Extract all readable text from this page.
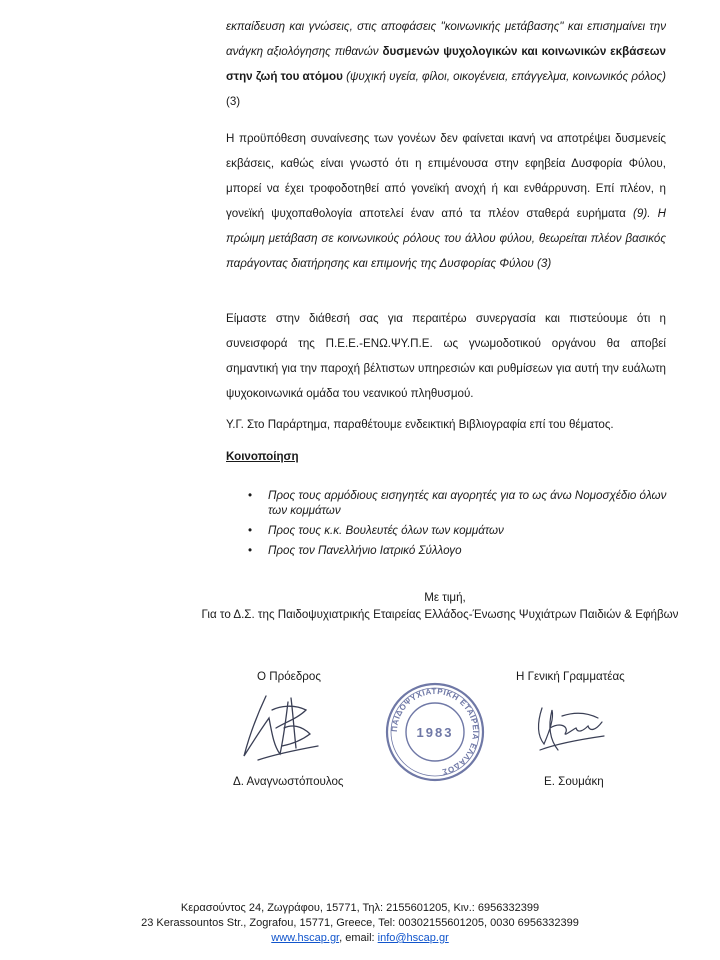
εκπαίδευση και γνώσεις, στις αποφάσεις "κοινωνικής μετάβασης" και επισημαίνει την ανάγκη αξιολόγησης πιθανών δυσμενών ψυχολογικών και κοινωνικών εκβάσεων στην ζωή του ατόμου (ψυχική υγεία, φίλοι, οικογένεια, επάγγελμα, κοινωνικός ρόλος) (3)

Η προϋπόθεση συναίνεσης των γονέων δεν φαίνεται ικανή να αποτρέψει δυσμενείς εκβάσεις, καθώς είναι γνωστό ότι η επιμένουσα στην εφηβεία Δυσφορία Φύλου, μπορεί να έχει τροφοδοτηθεί από γονεϊκή ανοχή ή και ενθάρρυνση. Επί πλέον, η γονεϊκή ψυχοπαθολογία αποτελεί έναν από τα πλέον σταθερά ευρήματα (9). Η πρώιμη μετάβαση σε κοινωνικούς ρόλους του άλλου φύλου, θεωρείται πλέον βασικός παράγοντας διατήρησης και επιμονής της Δυσφορίας Φύλου (3)

Είμαστε στην διάθεσή σας για περαιτέρω συνεργασία και πιστεύουμε ότι η συνεισφορά της Π.Ε.Ε.-ΕΝΩ.ΨΥ.Π.Ε. ως γνωμοδοτικού οργάνου θα αποβεί σημαντική για την παροχή βέλτιστων υπηρεσιών και ρυθμίσεων για αυτή την ευάλωτη ψυχοκοινωνικά ομάδα του νεανικού πληθυσμού.

Υ.Γ. Στο Παράρτημα, παραθέτουμε ενδεικτική Βιβλιογραφία επί του θέματος.

Κοινοποίηση

• Προς τους αρμόδιους εισηγητές και αγορητές για το ως άνω Νομοσχέδιο όλων των κομμάτων
• Προς τους κ.κ. Βουλευτές όλων των κομμάτων
• Προς τον Πανελλήνιο Ιατρικό Σύλλογο

Με τιμή,

Για το Δ.Σ. της Παιδοψυχιατρικής Εταιρείας Ελλάδος-Ένωσης Ψυχιάτρων Παιδιών & Εφήβων

Ο Πρόεδρος	Η Γενική Γραμματέας

ΠΑΙΔΟΨΥΧΙΑΤΡΙΚΗ ΕΤΑΙΡΕΙΑ ΕΛΛΑΔΟΣ
1983

Δ. Αναγνωστόπουλος	Ε. Σουμάκη

Κερασούντος 24, Ζωγράφου, 15771, Τηλ: 2155601205, Κιν.: 6956332399
23 Kerassountos Str., Zografou, 15771, Greece, Tel: 00302155601205, 0030 6956332399
www.hscap.gr, email: info@hscap.gr
